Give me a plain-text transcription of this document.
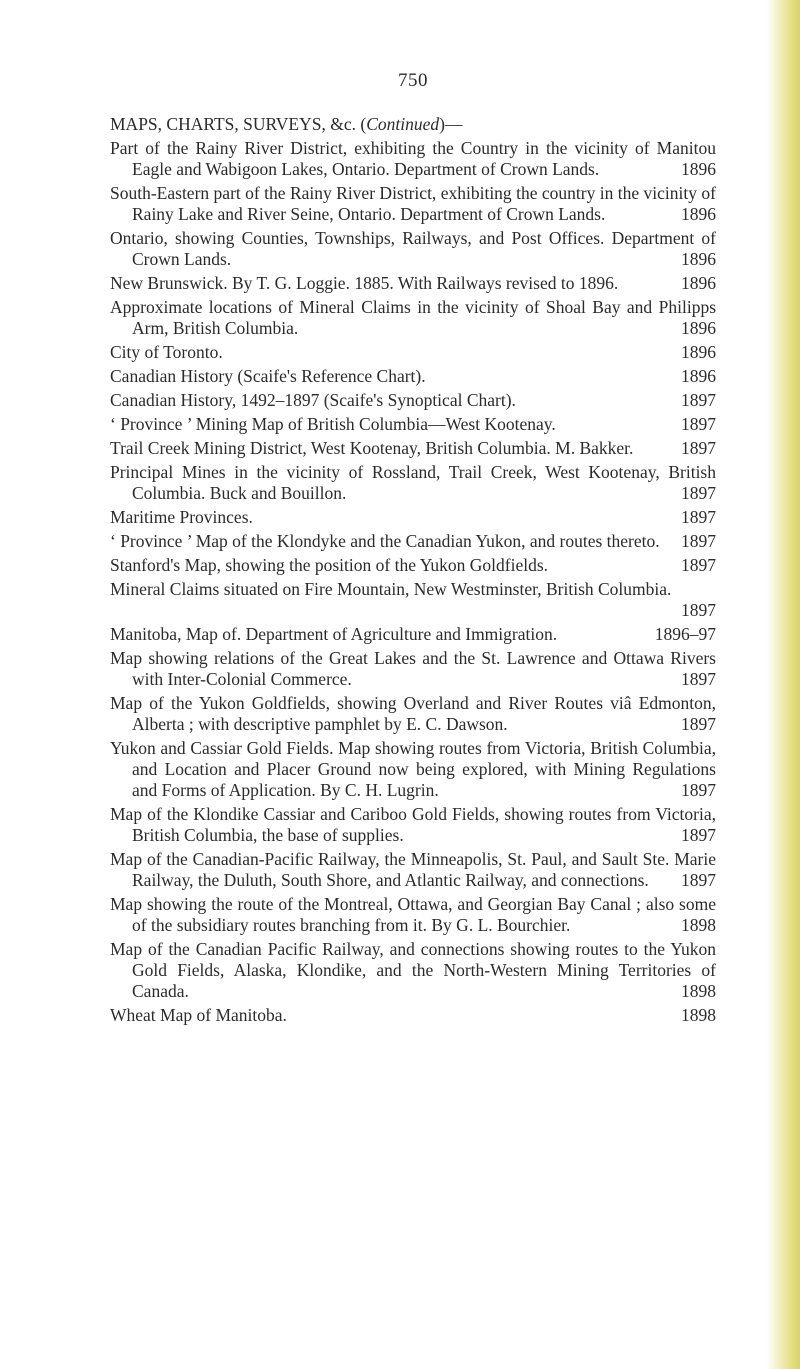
750

MAPS, CHARTS, SURVEYS, &c. (Continued)—

Part of the Rainy River District, exhibiting the Country in the vicinity of Manitou Eagle and Wabigoon Lakes, Ontario. Department of Crown Lands.	1896

South-Eastern part of the Rainy River District, exhibiting the country in the vicinity of Rainy Lake and River Seine, Ontario. Department of Crown Lands.	1896

Ontario, showing Counties, Townships, Railways, and Post Offices. Department of Crown Lands.	1896

New Brunswick. By T. G. Loggie. 1885. With Railways revised to 1896.	1896

Approximate locations of Mineral Claims in the vicinity of Shoal Bay and Philipps Arm, British Columbia.	1896

City of Toronto.	1896

Canadian History (Scaife's Reference Chart).	1896

Canadian History, 1492–1897 (Scaife's Synoptical Chart).	1897

‘ Province ’ Mining Map of British Columbia—West Kootenay.	1897

Trail Creek Mining District, West Kootenay, British Columbia. M. Bakker.	1897

Principal Mines in the vicinity of Rossland, Trail Creek, West Kootenay, British Columbia. Buck and Bouillon.	1897

Maritime Provinces.	1897

‘ Province ’ Map of the Klondyke and the Canadian Yukon, and routes thereto.	1897

Stanford's Map, showing the position of the Yukon Goldfields.	1897

Mineral Claims situated on Fire Mountain, New Westminster, British Columbia.
1897

Manitoba, Map of. Department of Agriculture and Immigration.	1896–97

Map showing relations of the Great Lakes and the St. Lawrence and Ottawa Rivers with Inter-Colonial Commerce.	1897

Map of the Yukon Goldfields, showing Overland and River Routes viâ Edmonton, Alberta ; with descriptive pamphlet by E. C. Dawson.	1897

Yukon and Cassiar Gold Fields. Map showing routes from Victoria, British Columbia, and Location and Placer Ground now being explored, with Mining Regulations and Forms of Application. By C. H. Lugrin.	1897

Map of the Klondike Cassiar and Cariboo Gold Fields, showing routes from Victoria, British Columbia, the base of supplies.	1897

Map of the Canadian-Pacific Railway, the Minneapolis, St. Paul, and Sault Ste. Marie Railway, the Duluth, South Shore, and Atlantic Railway, and connections.	1897

Map showing the route of the Montreal, Ottawa, and Georgian Bay Canal ; also some of the subsidiary routes branching from it. By G. L. Bourchier.	1898

Map of the Canadian Pacific Railway, and connections showing routes to the Yukon Gold Fields, Alaska, Klondike, and the North-Western Mining Territories of Canada.	1898

Wheat Map of Manitoba.	1898
